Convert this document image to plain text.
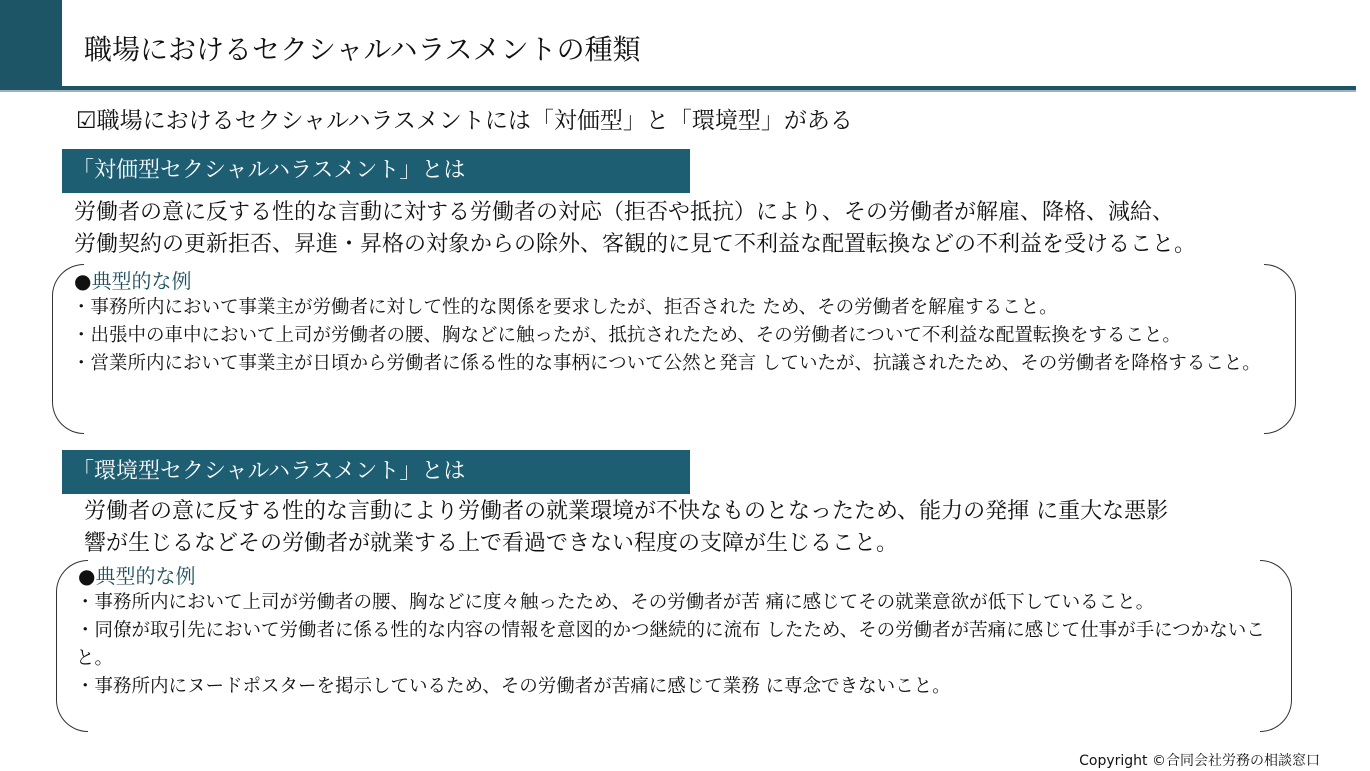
職場におけるセクシャルハラスメントの種類
☑職場におけるセクシャルハラスメントには「対価型」と「環境型」がある
「対価型セクシャルハラスメント」とは
労働者の意に反する性的な言動に対する労働者の対応（拒否や抵抗）により、その労働者が解雇、降格、減給、
労働契約の更新拒否、昇進・昇格の対象からの除外、客観的に見て不利益な配置転換などの不利益を受けること。
●典型的な例
・事務所内において事業主が労働者に対して性的な関係を要求したが、拒否された ため、その労働者を解雇すること。
・出張中の車中において上司が労働者の腰、胸などに触ったが、抵抗されたため、その労働者について不利益な配置転換をすること。
・営業所内において事業主が日頃から労働者に係る性的な事柄について公然と発言 していたが、抗議されたため、その労働者を降格すること。
「環境型セクシャルハラスメント」とは
労働者の意に反する性的な言動により労働者の就業環境が不快なものとなったため、能力の発揮 に重大な悪影
響が生じるなどその労働者が就業する上で看過できない程度の支障が生じること。
●典型的な例
・事務所内において上司が労働者の腰、胸などに度々触ったため、その労働者が苦 痛に感じてその就業意欲が低下していること。
・同僚が取引先において労働者に係る性的な内容の情報を意図的かつ継続的に流布 したため、その労働者が苦痛に感じて仕事が手につかないこと。
・事務所内にヌードポスターを掲示しているため、その労働者が苦痛に感じて業務 に専念できないこと。
Copyright ©合同会社労務の相談窓口
